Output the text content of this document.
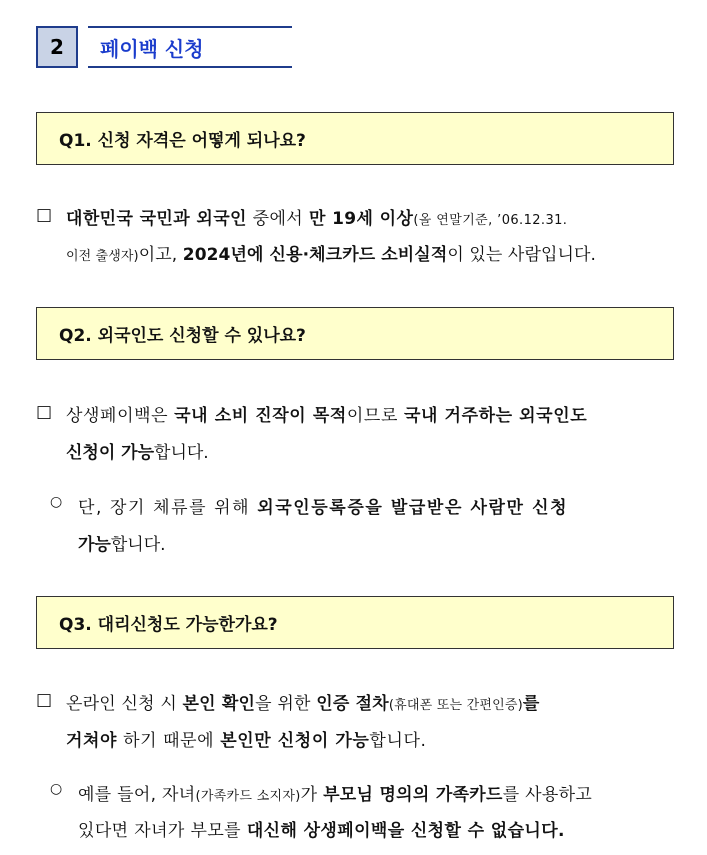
2	페이백 신청
Q1. 신청 자격은 어떻게 되나요?
□ 대한민국 국민과 외국인 중에서 만 19세 이상(올 연말기준, ’06.12.31.
이전 출생자)이고, 2024년에 신용·체크카드 소비실적이 있는 사람입니다.
Q2. 외국인도 신청할 수 있나요?
□ 상생페이백은 국내 소비 진작이 목적이므로 국내 거주하는 외국인도
신청이 가능합니다.
○ 단, 장기 체류를 위해 외국인등록증을 발급받은 사람만 신청
가능합니다.
Q3. 대리신청도 가능한가요?
□ 온라인 신청 시 본인 확인을 위한 인증 절차(휴대폰 또는 간편인증)를
거쳐야 하기 때문에 본인만 신청이 가능합니다.
○ 예를 들어, 자녀(가족카드 소지자)가 부모님 명의의 가족카드를 사용하고
있다면 자녀가 부모를 대신해 상생페이백을 신청할 수 없습니다.
